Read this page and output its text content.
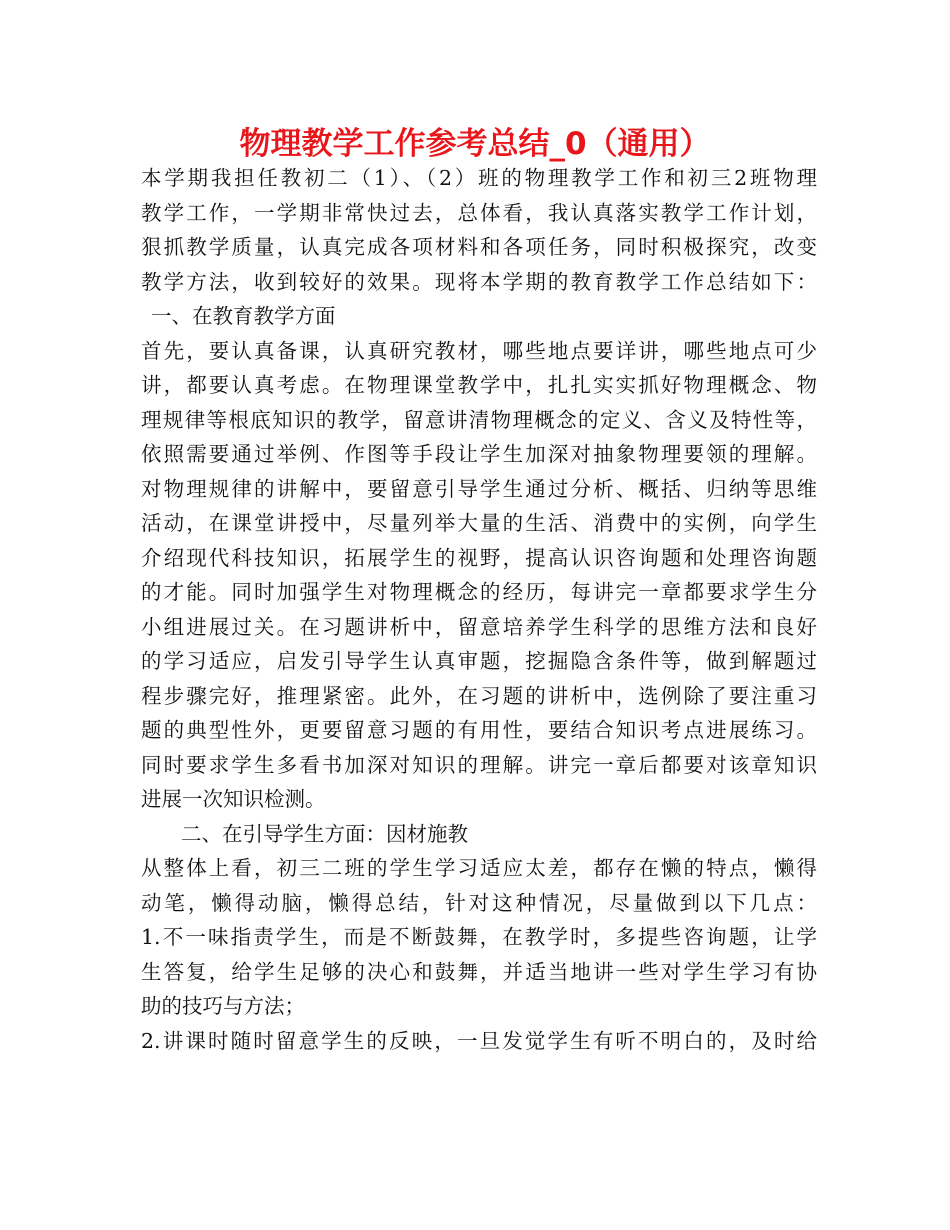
物理教学工作参考总结_0（通用）
本学期我担任教初二（1）、（2）班的物理教学工作和初三2班物理
教学工作，一学期非常快过去，总体看，我认真落实教学工作计划，
狠抓教学质量，认真完成各项材料和各项任务，同时积极探究，改变
教学方法，收到较好的效果。现将本学期的教育教学工作总结如下：
一、在教育教学方面
首先，要认真备课，认真研究教材，哪些地点要详讲，哪些地点可少
讲，都要认真考虑。在物理课堂教学中，扎扎实实抓好物理概念、物
理规律等根底知识的教学，留意讲清物理概念的定义、含义及特性等，
依照需要通过举例、作图等手段让学生加深对抽象物理要领的理解。
对物理规律的讲解中，要留意引导学生通过分析、概括、归纳等思维
活动，在课堂讲授中，尽量列举大量的生活、消费中的实例，向学生
介绍现代科技知识，拓展学生的视野，提高认识咨询题和处理咨询题
的才能。同时加强学生对物理概念的经历，每讲完一章都要求学生分
小组进展过关。在习题讲析中，留意培养学生科学的思维方法和良好
的学习适应，启发引导学生认真审题，挖掘隐含条件等，做到解题过
程步骤完好，推理紧密。此外，在习题的讲析中，选例除了要注重习
题的典型性外，更要留意习题的有用性，要结合知识考点进展练习。
同时要求学生多看书加深对知识的理解。讲完一章后都要对该章知识
进展一次知识检测。
二、在引导学生方面：因材施教
从整体上看，初三二班的学生学习适应太差，都存在懒的特点，懒得
动笔，懒得动脑，懒得总结，针对这种情况，尽量做到以下几点：
1.不一味指责学生，而是不断鼓舞，在教学时，多提些咨询题，让学
生答复，给学生足够的决心和鼓舞，并适当地讲一些对学生学习有协
助的技巧与方法；
2.讲课时随时留意学生的反映，一旦发觉学生有听不明白的，及时给
